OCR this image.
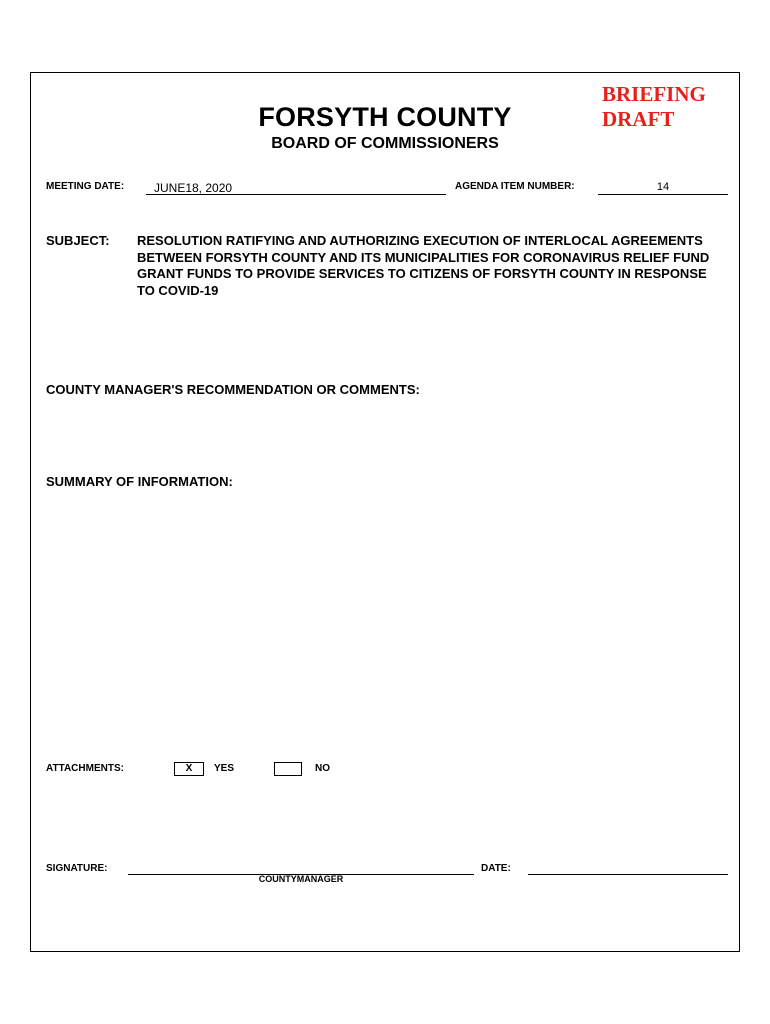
BRIEFING
DRAFT
FORSYTH COUNTY
BOARD OF COMMISSIONERS
MEETING DATE: JUNE18, 2020	AGENDA ITEM NUMBER:	14
SUBJECT: RESOLUTION RATIFYING AND AUTHORIZING EXECUTION OF INTERLOCAL AGREEMENTS BETWEEN FORSYTH COUNTY AND ITS MUNICIPALITIES FOR CORONAVIRUS RELIEF FUND GRANT FUNDS TO PROVIDE SERVICES TO CITIZENS OF FORSYTH COUNTY IN RESPONSE TO COVID-19
COUNTY MANAGER'S RECOMMENDATION OR COMMENTS:
SUMMARY OF INFORMATION:
ATTACHMENTS:	X	YES	NO
SIGNATURE:
COUNTYMANAGER
DATE:
